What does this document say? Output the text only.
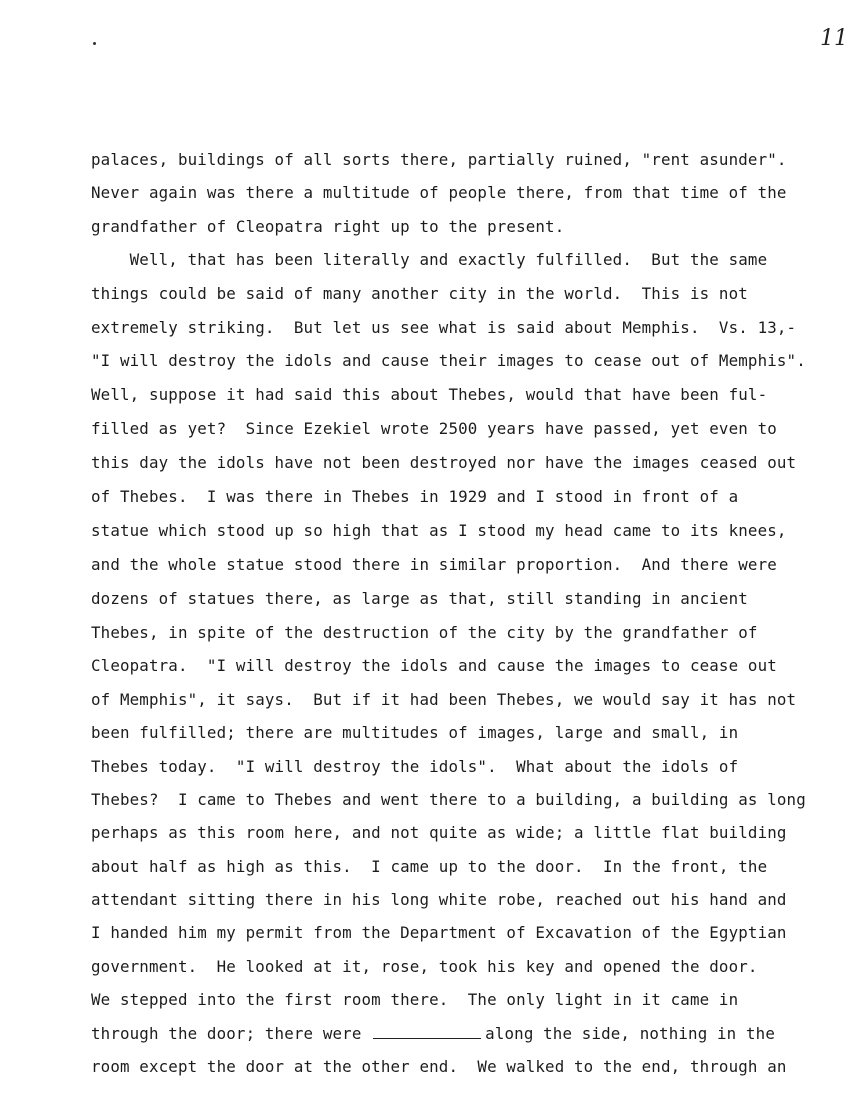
11
palaces, buildings of all sorts there, partially ruined, "rent asunder".
Never again was there a multitude of people there, from that time of the
grandfather of Cleopatra right up to the present.
Well, that has been literally and exactly fulfilled.  But the same
things could be said of many another city in the world.  This is not
extremely striking.  But let us see what is said about Memphis.  Vs. 13,-
"I will destroy the idols and cause their images to cease out of Memphis".
Well, suppose it had said this about Thebes, would that have been ful-
filled as yet?  Since Ezekiel wrote 2500 years have passed, yet even to
this day the idols have not been destroyed nor have the images ceased out
of Thebes.  I was there in Thebes in 1929 and I stood in front of a
statue which stood up so high that as I stood my head came to its knees,
and the whole statue stood there in similar proportion.  And there were
dozens of statues there, as large as that, still standing in ancient
Thebes, in spite of the destruction of the city by the grandfather of
Cleopatra.  "I will destroy the idols and cause the images to cease out
of Memphis", it says.  But if it had been Thebes, we would say it has not
been fulfilled; there are multitudes of images, large and small, in
Thebes today.  "I will destroy the idols".  What about the idols of
Thebes?  I came to Thebes and went there to a building, a building as long
perhaps as this room here, and not quite as wide; a little flat building
about half as high as this.  I came up to the door.  In the front, the
attendant sitting there in his long white robe, reached out his hand and
I handed him my permit from the Department of Excavation of the Egyptian
government.  He looked at it, rose, took his key and opened the door.
We stepped into the first room there.  The only light in it came in
through the door; there were	along the side, nothing in the
room except the door at the other end.  We walked to the end, through an
